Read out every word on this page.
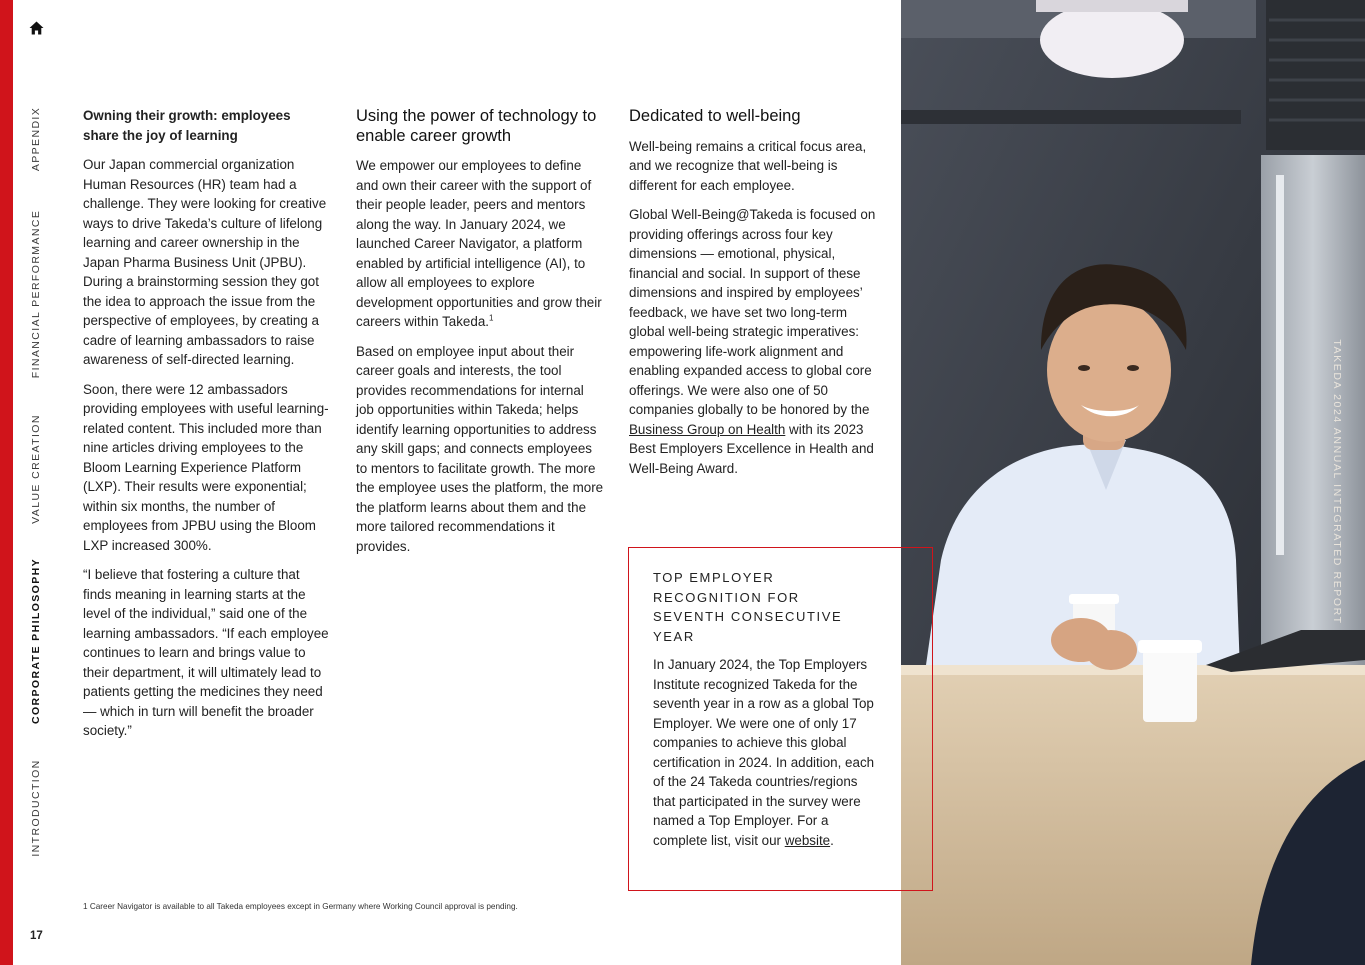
APPENDIX
FINANCIAL PERFORMANCE
VALUE CREATION
CORPORATE PHILOSOPHY
INTRODUCTION
17

Owning their growth: employees
share the joy of learning

Our Japan commercial organization Human Resources (HR) team had a challenge. They were looking for creative ways to drive Takeda’s culture of lifelong learning and career ownership in the Japan Pharma Business Unit (JPBU). During a brainstorming session they got the idea to approach the issue from the perspective of employees, by creating a cadre of learning ambassadors to raise awareness of self-directed learning.

Soon, there were 12 ambassadors providing employees with useful learning-related content. This included more than nine articles driving employees to the Bloom Learning Experience Platform (LXP). Their results were exponential; within six months, the number of employees from JPBU using the Bloom LXP increased 300%.

“I believe that fostering a culture that finds meaning in learning starts at the level of the individual,” said one of the learning ambassadors. “If each employee continues to learn and brings value to their department, it will ultimately lead to patients getting the medicines they need — which in turn will benefit the broader society.”

Using the power of technology to enable career growth

We empower our employees to define and own their career with the support of their people leader, peers and mentors along the way. In January 2024, we launched Career Navigator, a platform enabled by artificial intelligence (AI), to allow all employees to explore development opportunities and grow their careers within Takeda.$^1$

Based on employee input about their career goals and interests, the tool provides recommendations for internal job opportunities within Takeda; helps identify learning opportunities to address any skill gaps; and connects employees to mentors to facilitate growth. The more the employee uses the platform, the more the platform learns about them and the more tailored recommendations it provides.

Dedicated to well-being

Well-being remains a critical focus area, and we recognize that well-being is different for each employee.

Global Well-Being@Takeda is focused on providing offerings across four key dimensions — emotional, physical, financial and social. In support of these dimensions and inspired by employees’ feedback, we have set two long-term global well-being strategic imperatives: empowering life-work alignment and enabling expanded access to global core offerings. We were also one of 50 companies globally to be honored by the Business Group on Health with its 2023 Best Employers Excellence in Health and Well-Being Award.	TAKEDA 2024 ANNUAL INTEGRATED REPORT
TOP EMPLOYER RECOGNITION FOR SEVENTH CONSECUTIVE YEAR
In January 2024, the Top Employers Institute recognized Takeda for the seventh year in a row as a global Top Employer. We were one of only 17 companies to achieve this global certification in 2024. In addition, each of the 24 Takeda countries/regions that participated in the survey were named a Top Employer. For a complete list, visit our website.
1 Career Navigator is available to all Takeda employees except in Germany where Working Council approval is pending.
